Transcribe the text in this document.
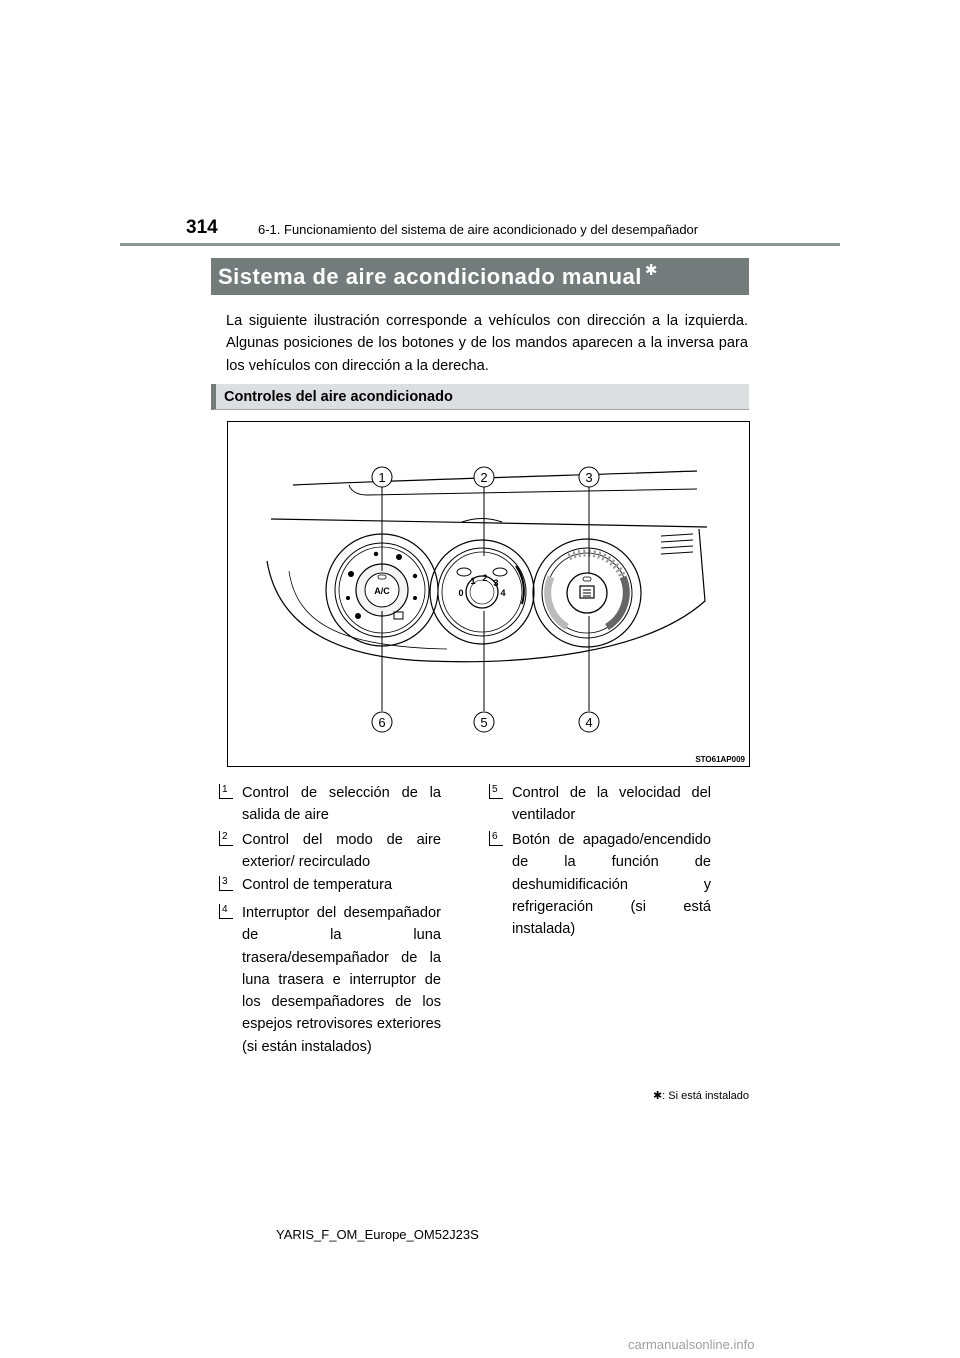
314	6-1. Funcionamiento del sistema de aire acondicionado y del desempañador
Sistema de aire acondicionado manual ✱
La siguiente ilustración corresponde a vehículos con dirección a la izquierda. Algunas posiciones de los botones y de los mandos aparecen a la inversa para los vehículos con dirección a la derecha.
Controles del aire acondicionado
A/C	0
1 2 3
4
1	2	3
4
5
6
STO61AP009
1 Control de selección de la salida de aire
2 Control del modo de aire exterior/ recirculado
3 Control de temperatura
4 Interruptor del desempañador de la luna trasera/desempañador de la luna trasera e interruptor de los desempañadores de los espejos retrovisores exteriores (si están instalados)
5 Control de la velocidad del ventilador
6 Botón de apagado/encendido de la función de deshumidificación y refrigeración (si está instalada)
✱: Si está instalado
YARIS_F_OM_Europe_OM52J23S
carmanualsonline.info
